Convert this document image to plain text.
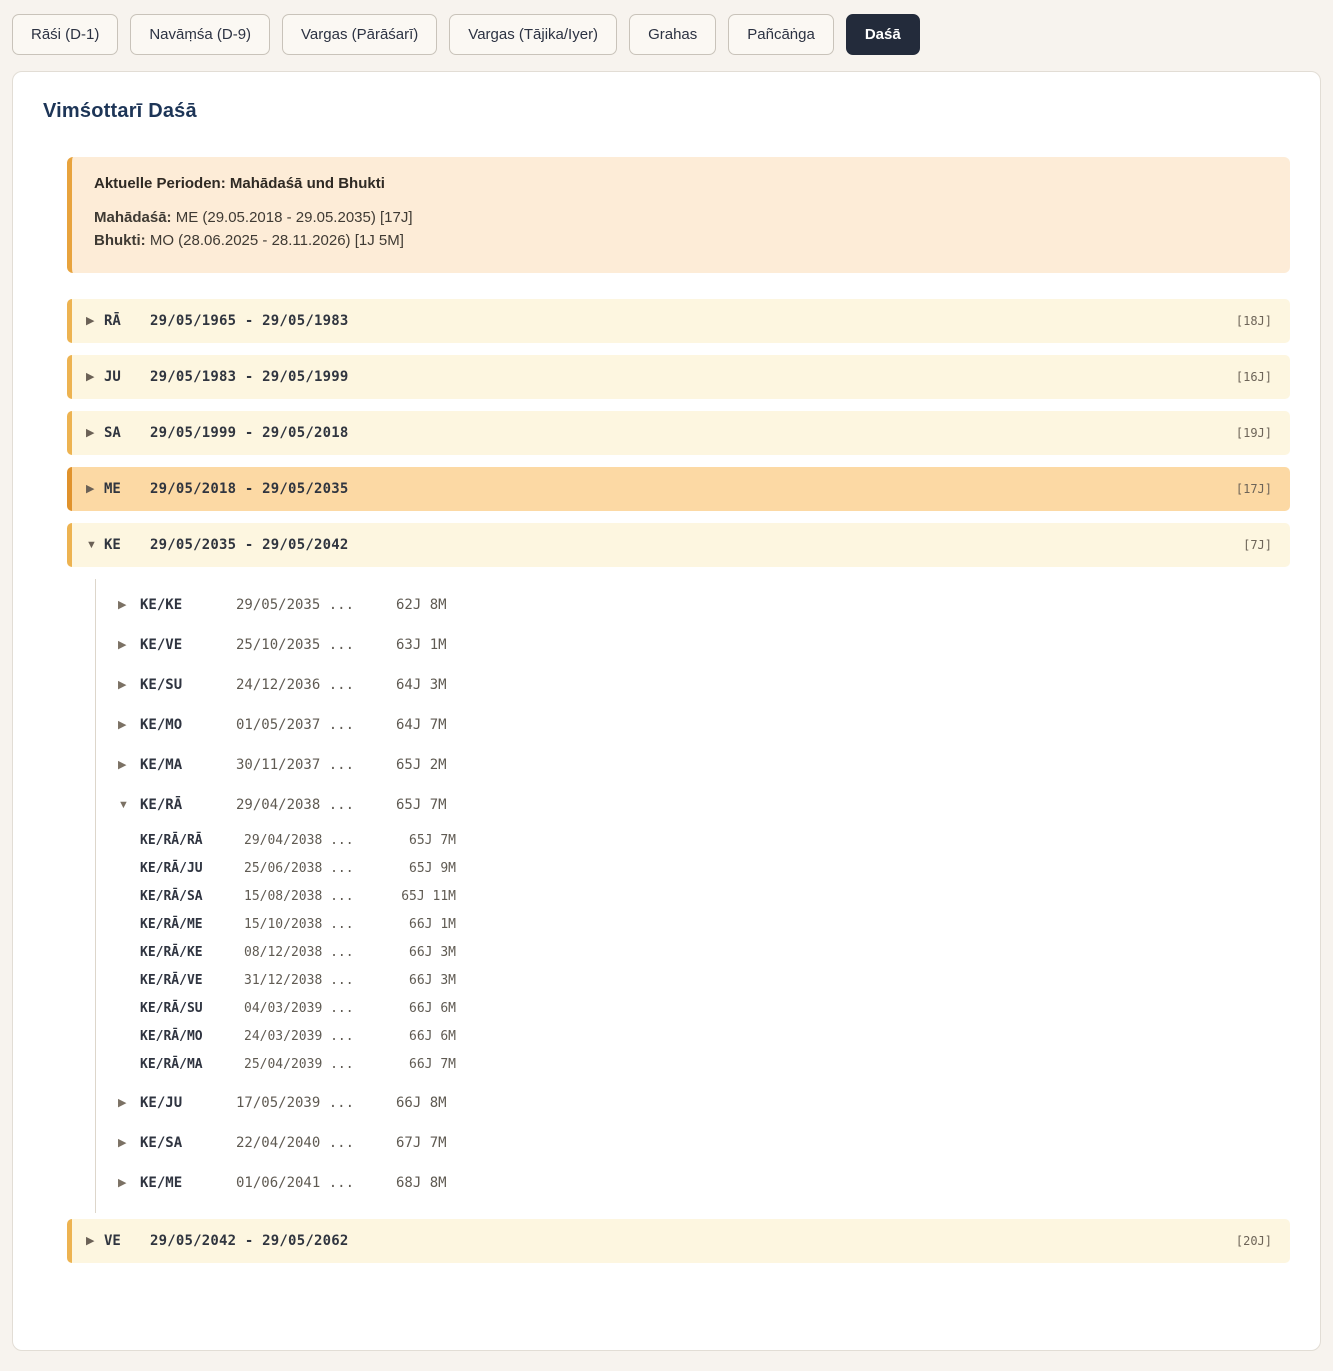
Rāśi (D-1)	Navāṃśa (D-9)	Vargas (Pārāśarī)	Vargas (Tājika/Iyer)	Grahas	Pañcāṅga	Daśā
Vimśottarī Daśā
Aktuelle Perioden: Mahādaśā und Bhukti
Mahādaśā: ME (29.05.2018 - 29.05.2035) [17J]
Bhukti: MO (28.06.2025 - 28.11.2026) [1J 5M]
▶ RĀ	29/05/1965 - 29/05/1983	[18J]
▶ JU	29/05/1983 - 29/05/1999	[16J]
▶ SA	29/05/1999 - 29/05/2018	[19J]
▶ ME	29/05/2018 - 29/05/2035	[17J]
▼ KE	29/05/2035 - 29/05/2042	[7J]
▶ KE/KE	29/05/2035 ...	62J 8M
▶ KE/VE	25/10/2035 ...	63J 1M
▶ KE/SU	24/12/2036 ...	64J 3M
▶ KE/MO	01/05/2037 ...	64J 7M
▶ KE/MA	30/11/2037 ...	65J 2M
▼ KE/RĀ	29/04/2038 ...	65J 7M
KE/RĀ/RĀ	29/04/2038 ...	65J 7M
KE/RĀ/JU	25/06/2038 ...	65J 9M
KE/RĀ/SA	15/08/2038 ...	65J 11M
KE/RĀ/ME	15/10/2038 ...	66J 1M
KE/RĀ/KE	08/12/2038 ...	66J 3M
KE/RĀ/VE	31/12/2038 ...	66J 3M
KE/RĀ/SU	04/03/2039 ...	66J 6M
KE/RĀ/MO	24/03/2039 ...	66J 6M
KE/RĀ/MA	25/04/2039 ...	66J 7M
▶ KE/JU	17/05/2039 ...	66J 8M
▶ KE/SA	22/04/2040 ...	67J 7M
▶ KE/ME	01/06/2041 ...	68J 8M
▶ VE	29/05/2042 - 29/05/2062	[20J]
